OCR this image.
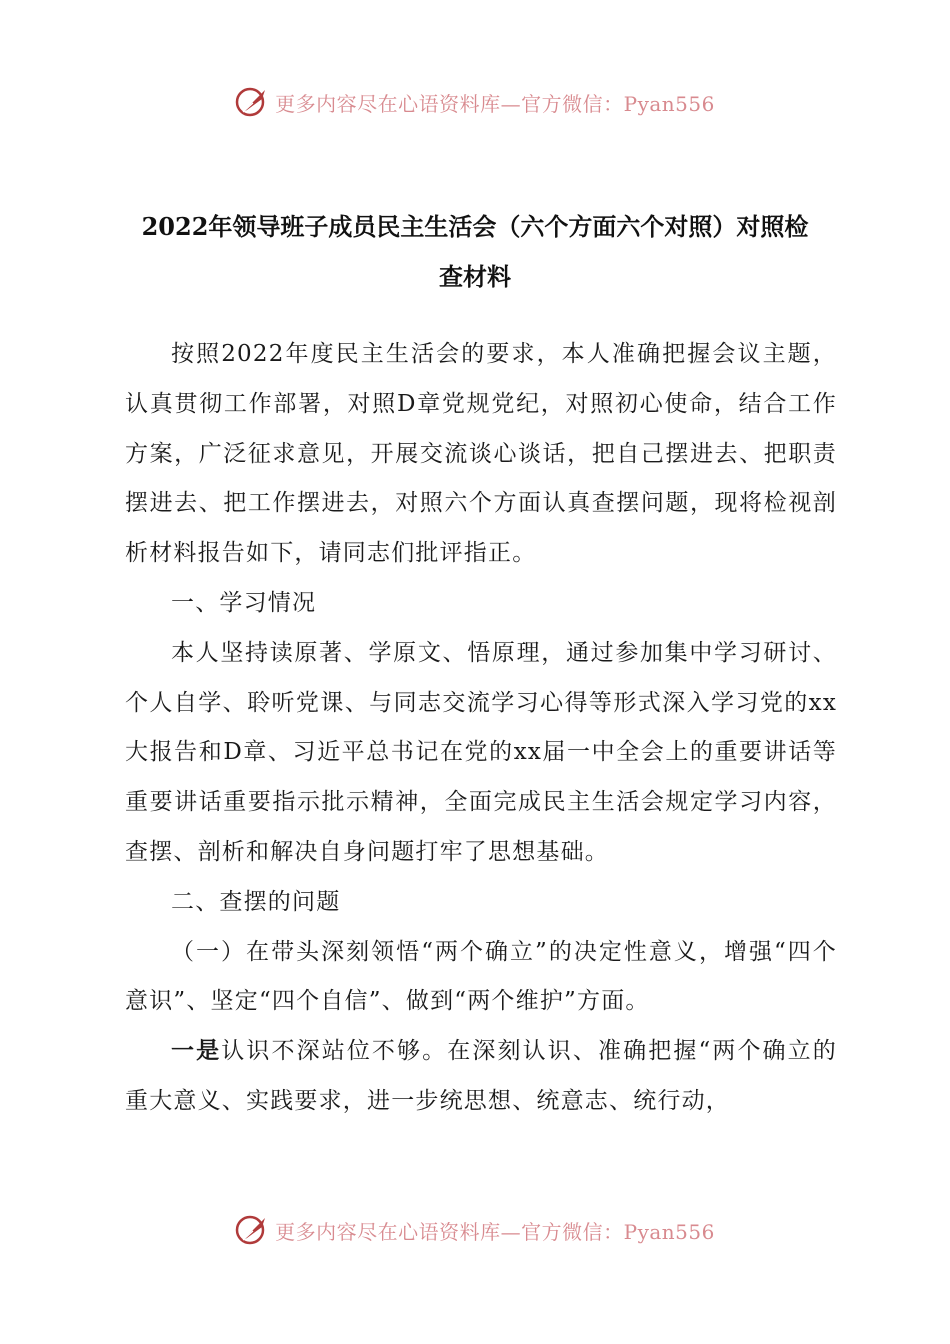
更多内容尽在心语资料库—官方微信：Pyan556
2022年领导班子成员民主生活会（六个方面六个对照）对照检
查材料

按照2022年度民主生活会的要求，本人准确把握会议主题，认真贯彻工作部署，对照D章党规党纪，对照初心使命，结合工作方案，广泛征求意见，开展交流谈心谈话，把自己摆进去、把职责摆进去、把工作摆进去，对照六个方面认真查摆问题，现将检视剖析材料报告如下，请同志们批评指正。

一、学习情况

本人坚持读原著、学原文、悟原理，通过参加集中学习研讨、个人自学、聆听党课、与同志交流学习心得等形式深入学习党的xx大报告和D章、习近平总书记在党的xx届一中全会上的重要讲话等重要讲话重要指示批示精神，全面完成民主生活会规定学习内容，查摆、剖析和解决自身问题打牢了思想基础。

二、查摆的问题

（一）在带头深刻领悟“两个确立”的决定性意义，增强“四个意识”、坚定“四个自信”、做到“两个维护”方面。

一是认识不深站位不够。在深刻认识、准确把握“两个确立的重大意义、实践要求，进一步统思想、统意志、统行动，

更多内容尽在心语资料库—官方微信：Pyan556
